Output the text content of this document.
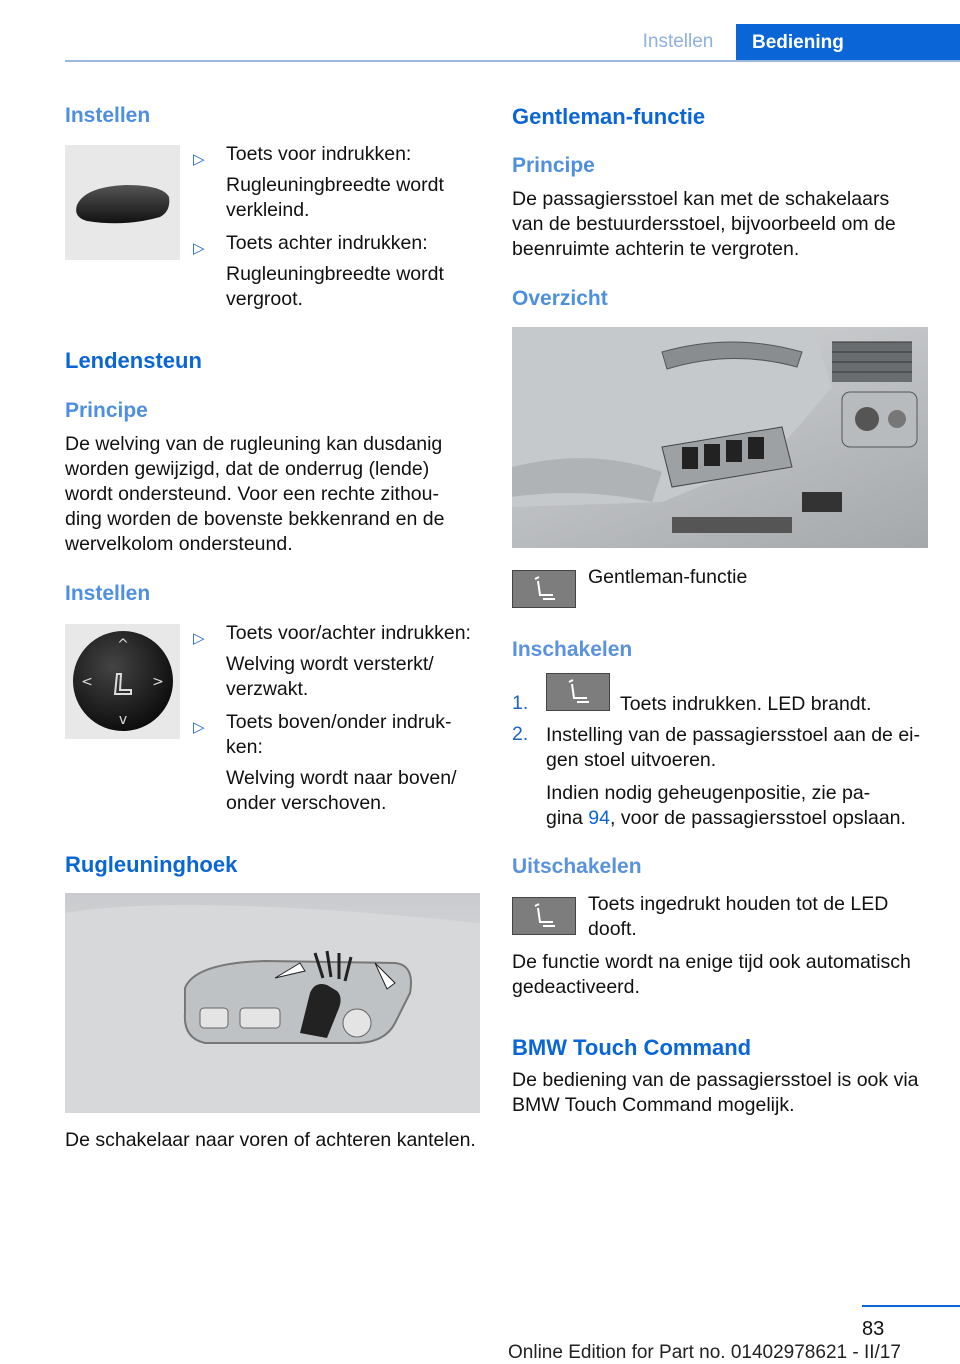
Instellen	Bediening
Instellen
▷ Toets voor indrukken:
Rugleuningbreedte wordt
verkleind.
▷ Toets achter indrukken:
Rugleuningbreedte wordt
vergroot.
Lendensteun
Principe
De welving van de rugleuning kan dusdanig
worden gewijzigd, dat de onderrug (lende)
wordt ondersteund. Voor een rechte zithou‐
ding worden de bovenste bekkenrand en de
wervelkolom ondersteund.
Instellen
^
v
<	>
▷ Toets voor/achter indrukken:
Welving wordt versterkt/
verzwakt.
▷ Toets boven/onder indruk‐
ken:
Welving wordt naar boven/
onder verschoven.
Rugleuninghoek
De schakelaar naar voren of achteren kantelen.
Gentleman-functie
Principe
De passagiersstoel kan met de schakelaars
van de bestuurdersstoel, bijvoorbeeld om de
beenruimte achterin te vergroten.
Overzicht
Gentleman-functie
Inschakelen
1.	Toets indrukken. LED brandt.
2. Instelling van de passagiersstoel aan de ei‐
gen stoel uitvoeren.
Indien nodig geheugenpositie, zie pa‐
gina 94, voor de passagiersstoel opslaan.
Uitschakelen
Toets ingedrukt houden tot de LED
dooft.
De functie wordt na enige tijd ook automatisch
gedeactiveerd.
BMW Touch Command
De bediening van de passagiersstoel is ook via
BMW Touch Command mogelijk.
83
Online Edition for Part no. 01402978621 - II/17
